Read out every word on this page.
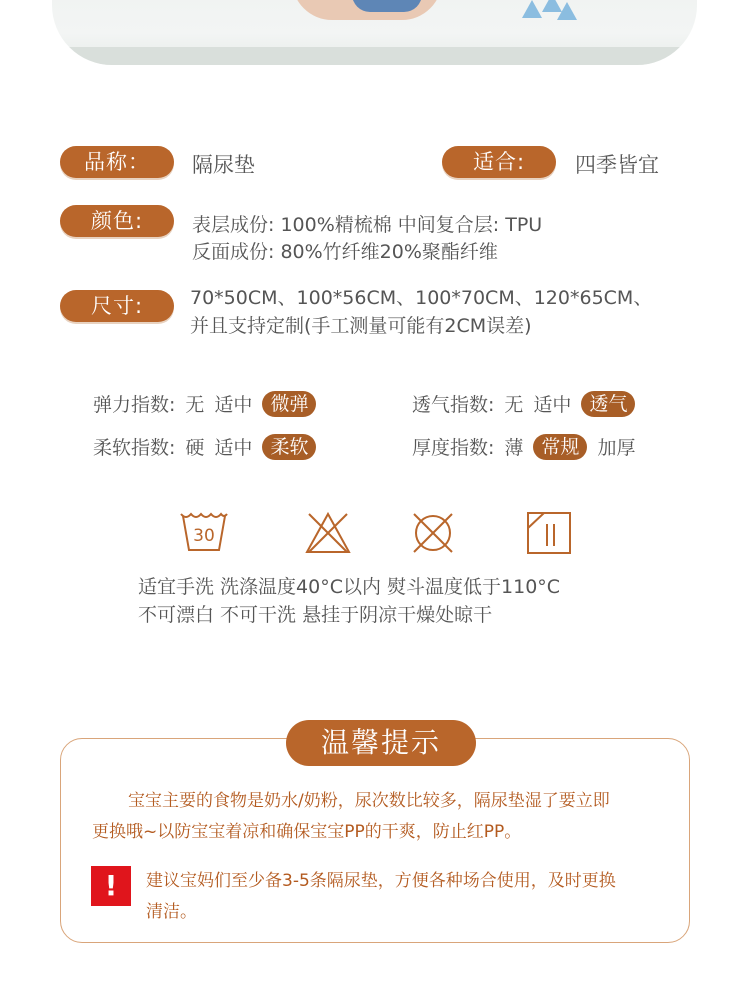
品称：	隔尿垫	适合:	四季皆宜
颜色:	表层成份: 100%精梳棉 中间复合层: TPU
反面成份: 80%竹纤维20%聚酯纤维
尺寸:	70*50CM、100*56CM、100*70CM、120*65CM、
并且支持定制(手工测量可能有2CM误差)
弹力指数: 无 适中 微弹	透气指数: 无 适中 透气
柔软指数: 硬 适中 柔软	厚度指数: 薄 常规 加厚
30
适宜手洗 洗涤温度40°C以内 熨斗温度低于110°C
不可漂白 不可干洗 悬挂于阴凉干燥处晾干
温馨提示
宝宝主要的食物是奶水/奶粉，尿次数比较多，隔尿垫湿了要立即
更换哦~以防宝宝着凉和确保宝宝PP的干爽，防止红PP。
!	建议宝妈们至少备3-5条隔尿垫，方便各种场合使用，及时更换
清洁。
